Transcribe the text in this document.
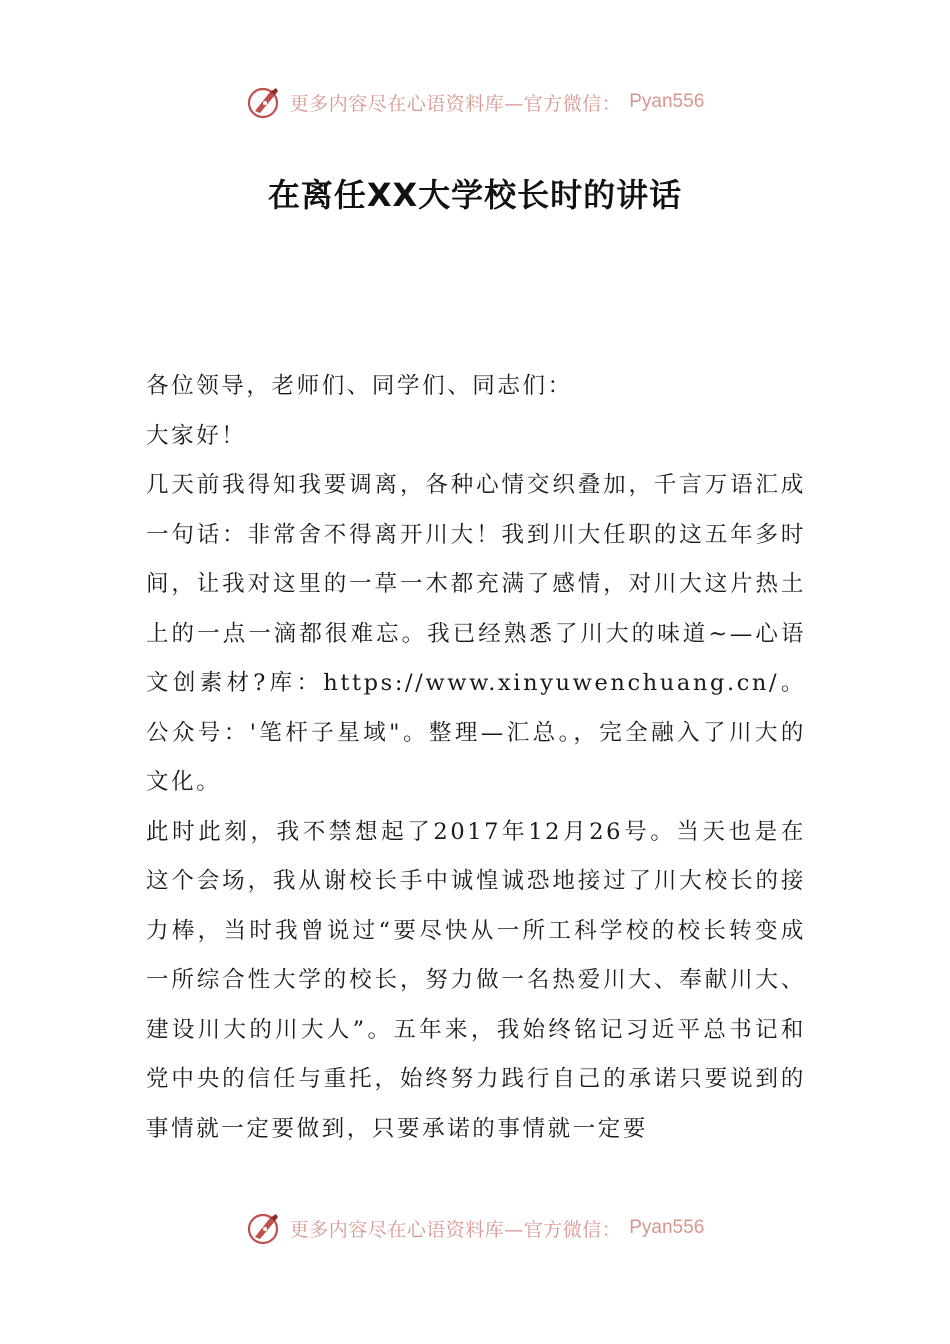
更多内容尽在心语资料库—官方微信： Pyan556
在离任XX大学校长时的讲话

各位领导，老师们、同学们、同志们：

大家好！

几天前我得知我要调离，各种心情交织叠加，千言万语汇成一句话：非常舍不得离开川大！我到川大任职的这五年多时间，让我对这里的一草一木都充满了感情，对川大这片热土上的一点一滴都很难忘。我已经熟悉了川大的味道~—心语文创素材?库：https://www.xinyuwenchuang.cn/。公众号：'笔杆子星域"。整理—汇总。，完全融入了川大的文化。

此时此刻，我不禁想起了2017年12月26号。当天也是在这个会场，我从谢校长手中诚惶诚恐地接过了川大校长的接力棒，当时我曾说过“要尽快从一所工科学校的校长转变成一所综合性大学的校长，努力做一名热爱川大、奉献川大、建设川大的川大人”。五年来，我始终铭记习近平总书记和党中央的信任与重托，始终努力践行自己的承诺只要说到的事情就一定要做到，只要承诺的事情就一定要

更多内容尽在心语资料库—官方微信： Pyan556
